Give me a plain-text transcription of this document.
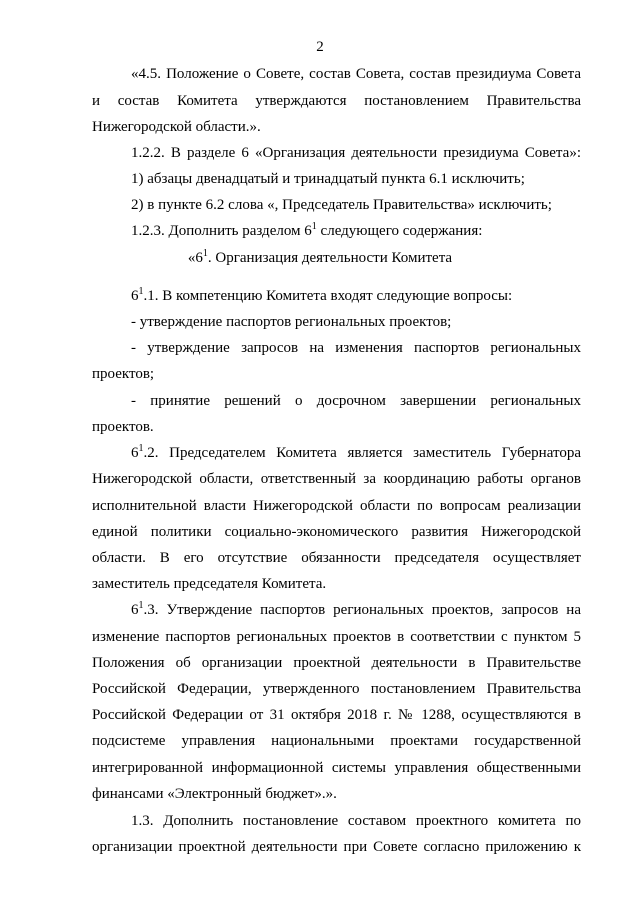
2
«4.5. Положение о Совете, состав Совета, состав президиума Совета
и состав Комитета утверждаются постановлением Правительства
Нижегородской области.».
1.2.2. В разделе 6 «Организация деятельности президиума Совета»:
1) абзацы двенадцатый и тринадцатый пункта 6.1 исключить;
2) в пункте 6.2 слова «, Председатель Правительства» исключить;
1.2.3. Дополнить разделом $6^1$ следующего содержания:
«$6^1$. Организация деятельности Комитета
$6^1.1$. В компетенцию Комитета входят следующие вопросы:
- утверждение паспортов региональных проектов;
- утверждение запросов на изменения паспортов региональных
проектов;
- принятие решений о досрочном завершении региональных
проектов.
$6^1.2$. Председателем Комитета является заместитель Губернатора
Нижегородской области, ответственный за координацию работы органов
исполнительной власти Нижегородской области по вопросам реализации
единой политики социально-экономического развития Нижегородской
области. В его отсутствие обязанности председателя осуществляет
заместитель председателя Комитета.
$6^1.3$. Утверждение паспортов региональных проектов, запросов на
изменение паспортов региональных проектов в соответствии с пунктом 5
Положения об организации проектной деятельности в Правительстве
Российской Федерации, утвержденного постановлением Правительства
Российской Федерации от 31 октября 2018 г. № 1288, осуществляются в
подсистеме управления национальными проектами государственной
интегрированной информационной системы управления общественными
финансами «Электронный бюджет».».
1.3. Дополнить постановление составом проектного комитета по
организации проектной деятельности при Совете согласно приложению к
